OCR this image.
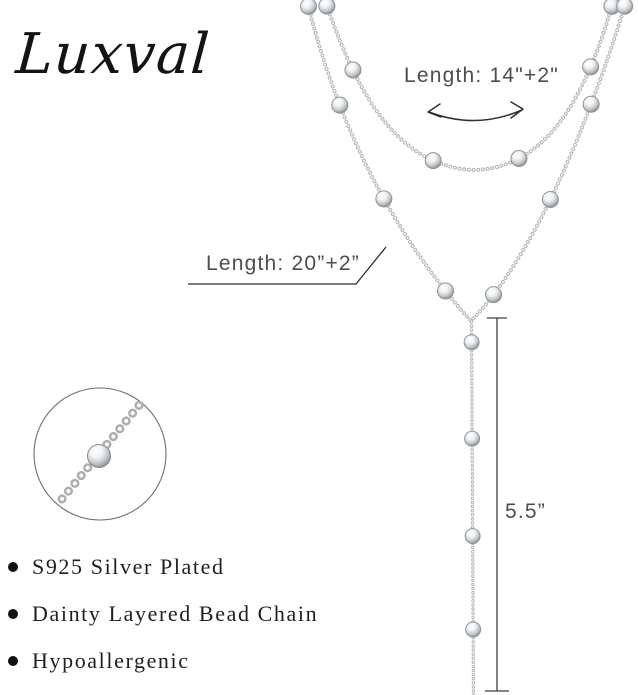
Luxval	Length: 14"+2"
Length: 20”+2”
5.5”
S925 Silver Plated
Dainty Layered Bead Chain
Hypoallergenic
